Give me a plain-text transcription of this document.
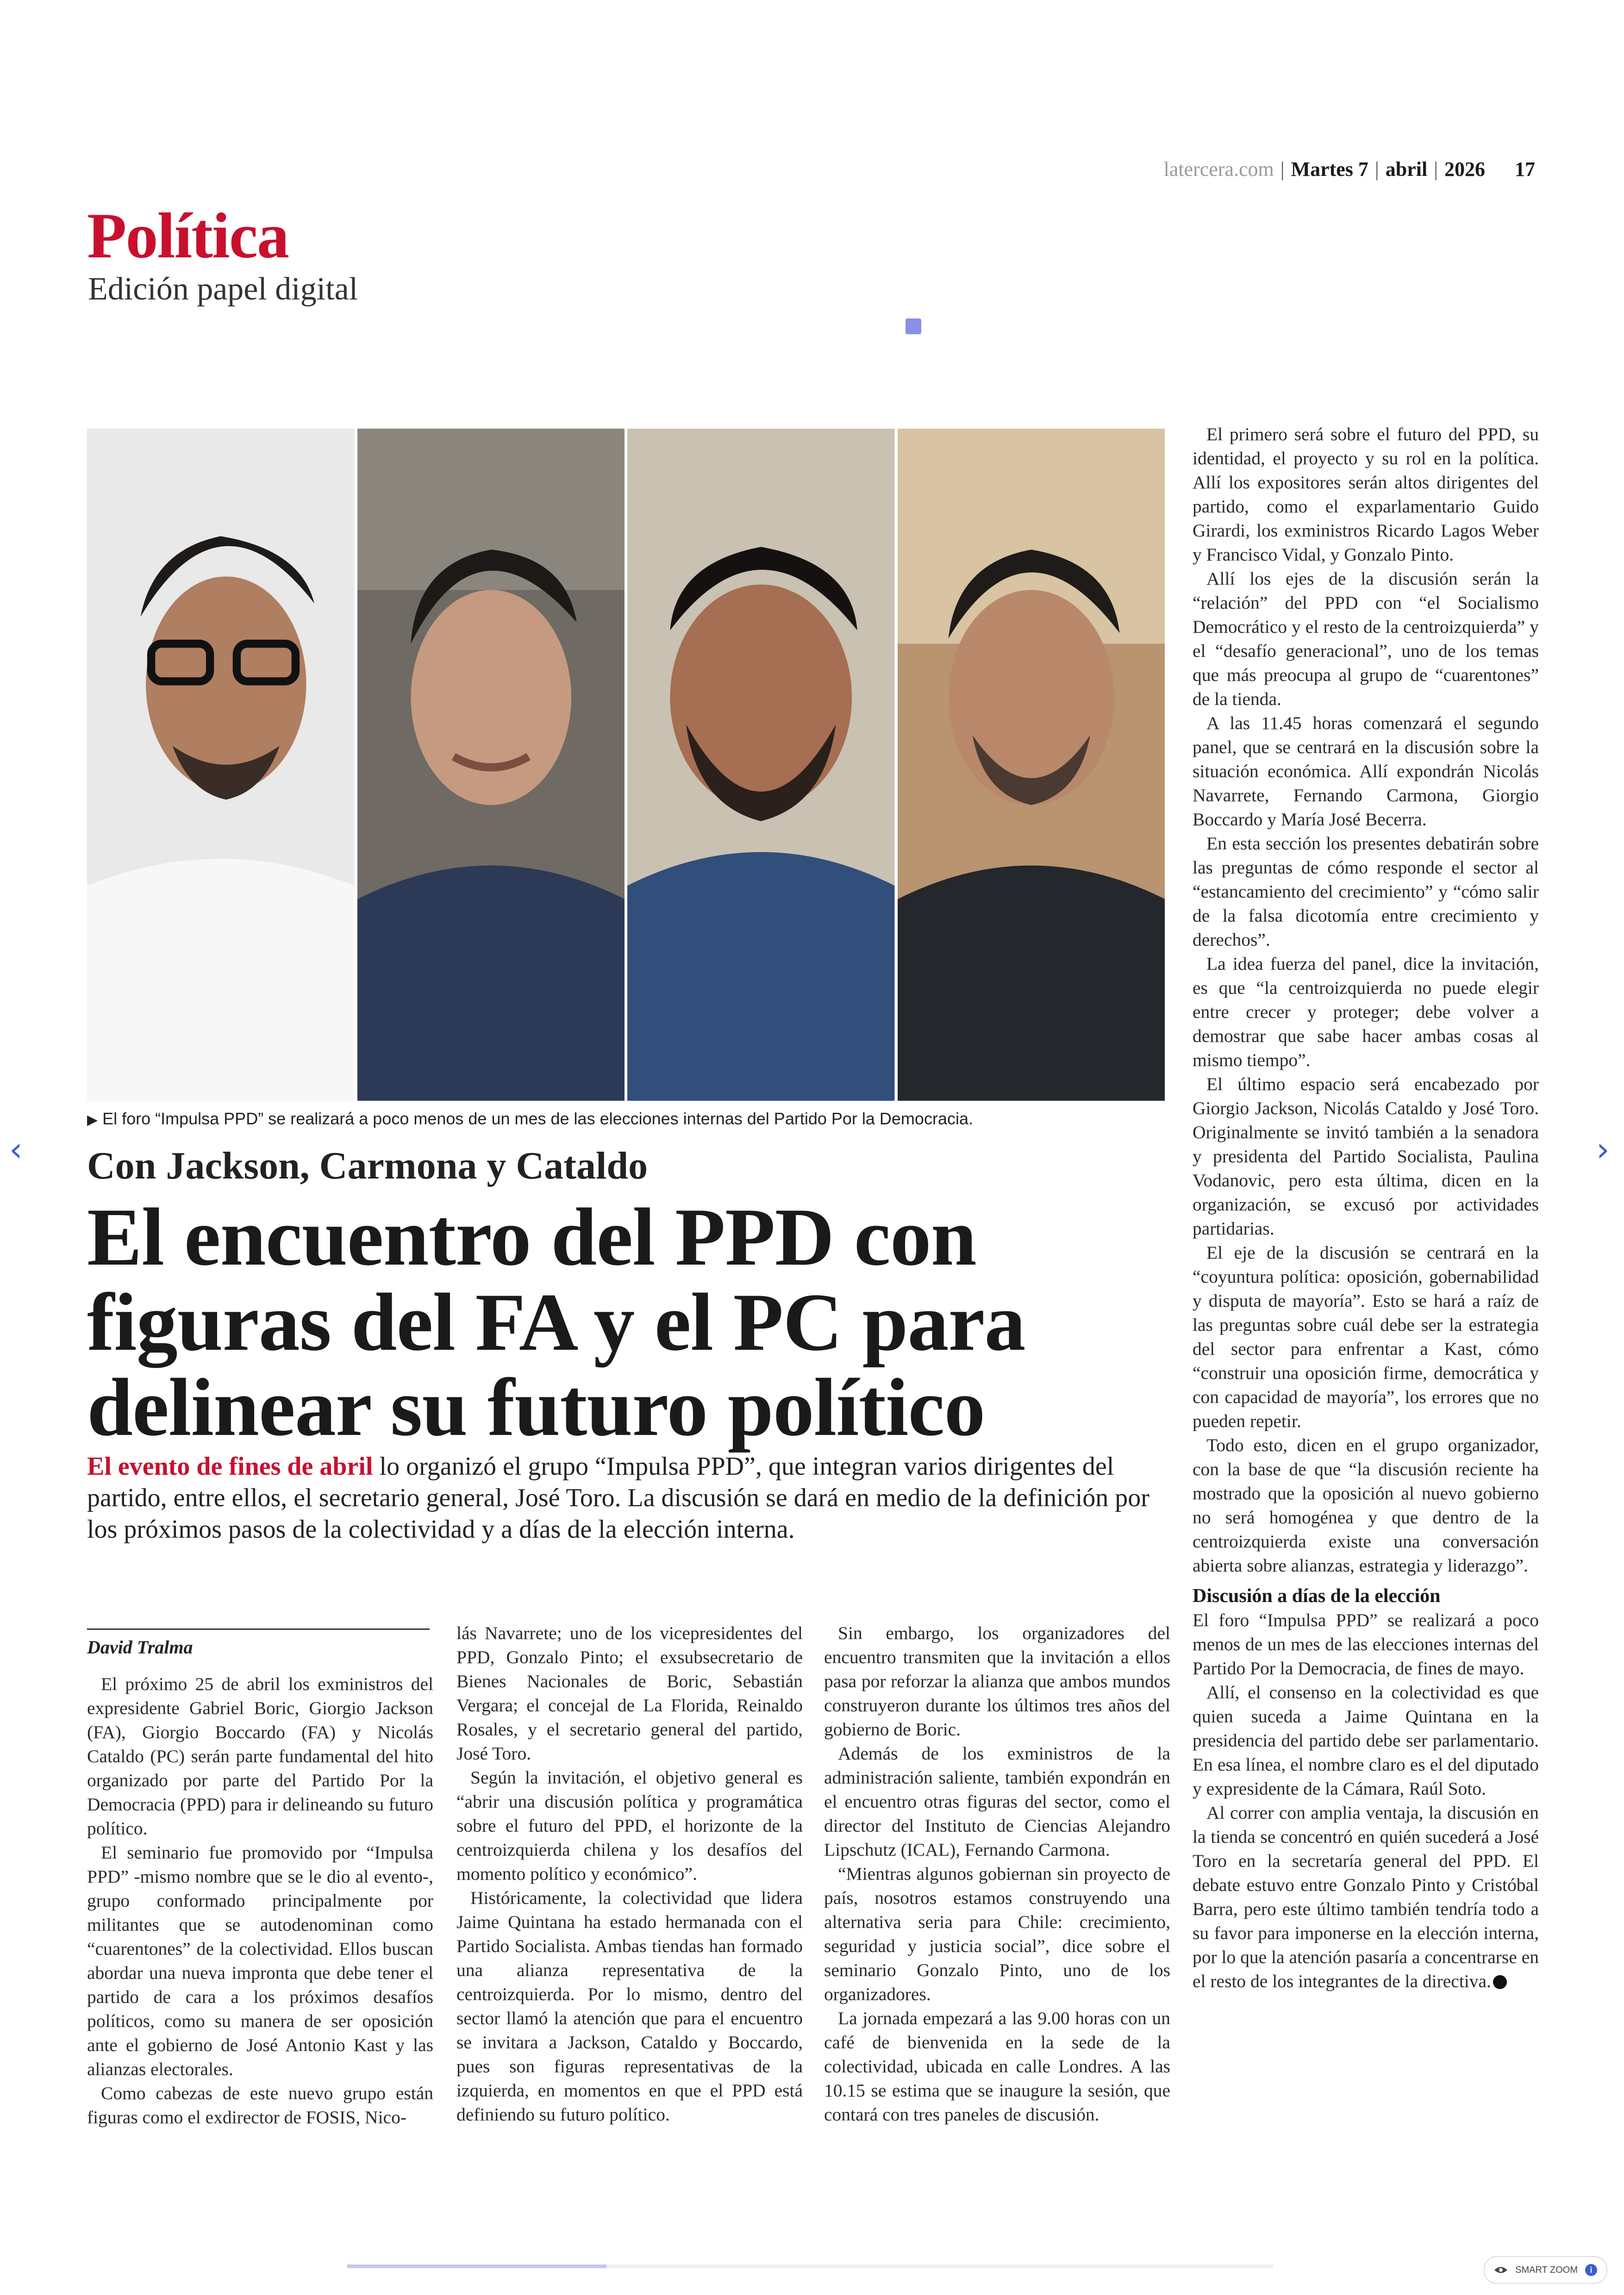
latercera.com | Martes 7 | abril | 2026 17
Política
Edición papel digital
▶ El foro “Impulsa PPD” se realizará a poco menos de un mes de las elecciones internas del Partido Por la Democracia.
Con Jackson, Carmona y Cataldo
El encuentro del PPD con figuras del FA y el PC para delinear su futuro político
El evento de fines de abril lo organizó el grupo “Impulsa PPD”, que integran varios dirigentes del partido, entre ellos, el secretario general, José Toro. La discusión se dará en medio de la definición por los próximos pasos de la colectividad y a días de la elección interna.
David Tralma

El próximo 25 de abril los exministros del expresidente Gabriel Boric, Giorgio Jackson (FA), Giorgio Boccardo (FA) y Nicolás Cataldo (PC) serán parte fundamental del hito organizado por parte del Partido Por la Democracia (PPD) para ir delineando su futuro político.

El seminario fue promovido por “Impulsa PPD” -mismo nombre que se le dio al evento-, grupo conformado principalmente por militantes que se autodenominan como “cuarentones” de la colectividad. Ellos buscan abordar una nueva impronta que debe tener el partido de cara a los próximos desafíos políticos, como su manera de ser oposición ante el gobierno de José Antonio Kast y las alianzas electorales.

Como cabezas de este nuevo grupo están figuras como el exdirector de FOSIS, Nico-

lás Navarrete; uno de los vicepresidentes del PPD, Gonzalo Pinto; el exsubsecretario de Bienes Nacionales de Boric, Sebastián Vergara; el concejal de La Florida, Reinaldo Rosales, y el secretario general del partido, José Toro.

Según la invitación, el objetivo general es “abrir una discusión política y programática sobre el futuro del PPD, el horizonte de la centroizquierda chilena y los desafíos del momento político y económico”.

Históricamente, la colectividad que lidera Jaime Quintana ha estado hermanada con el Partido Socialista. Ambas tiendas han formado una alianza representativa de la centroizquierda. Por lo mismo, dentro del sector llamó la atención que para el encuentro se invitara a Jackson, Cataldo y Boccardo, pues son figuras representativas de la izquierda, en momentos en que el PPD está definiendo su futuro político.

Sin embargo, los organizadores del encuentro transmiten que la invitación a ellos pasa por reforzar la alianza que ambos mundos construyeron durante los últimos tres años del gobierno de Boric.

Además de los exministros de la administración saliente, también expondrán en el encuentro otras figuras del sector, como el director del Instituto de Ciencias Alejandro Lipschutz (ICAL), Fernando Carmona.

“Mientras algunos gobiernan sin proyecto de país, nosotros estamos construyendo una alternativa seria para Chile: crecimiento, seguridad y justicia social”, dice sobre el seminario Gonzalo Pinto, uno de los organizadores.

La jornada empezará a las 9.00 horas con un café de bienvenida en la sede de la colectividad, ubicada en calle Londres. A las 10.15 se estima que se inaugure la sesión, que contará con tres paneles de discusión.

El primero será sobre el futuro del PPD, su identidad, el proyecto y su rol en la política. Allí los expositores serán altos dirigentes del partido, como el exparlamentario Guido Girardi, los exministros Ricardo Lagos Weber y Francisco Vidal, y Gonzalo Pinto.

Allí los ejes de la discusión serán la “relación” del PPD con “el Socialismo Democrático y el resto de la centroizquierda” y el “desafío generacional”, uno de los temas que más preocupa al grupo de “cuarentones” de la tienda.

A las 11.45 horas comenzará el segundo panel, que se centrará en la discusión sobre la situación económica. Allí expondrán Nicolás Navarrete, Fernando Carmona, Giorgio Boccardo y María José Becerra.

En esta sección los presentes debatirán sobre las preguntas de cómo responde el sector al “estancamiento del crecimiento” y “cómo salir de la falsa dicotomía entre crecimiento y derechos”.

La idea fuerza del panel, dice la invitación, es que “la centroizquierda no puede elegir entre crecer y proteger; debe volver a demostrar que sabe hacer ambas cosas al mismo tiempo”.

El último espacio será encabezado por Giorgio Jackson, Nicolás Cataldo y José Toro. Originalmente se invitó también a la senadora y presidenta del Partido Socialista, Paulina Vodanovic, pero esta última, dicen en la organización, se excusó por actividades partidarias.

El eje de la discusión se centrará en la “coyuntura política: oposición, gobernabilidad y disputa de mayoría”. Esto se hará a raíz de las preguntas sobre cuál debe ser la estrategia del sector para enfrentar a Kast, cómo “construir una oposición firme, democrática y con capacidad de mayoría”, los errores que no pueden repetir.

Todo esto, dicen en el grupo organizador, con la base de que “la discusión reciente ha mostrado que la oposición al nuevo gobierno no será homogénea y que dentro de la centroizquierda existe una conversación abierta sobre alianzas, estrategia y liderazgo”.

Discusión a días de la elección

El foro “Impulsa PPD” se realizará a poco menos de un mes de las elecciones internas del Partido Por la Democracia, de fines de mayo.

Allí, el consenso en la colectividad es que quien suceda a Jaime Quintana en la presidencia del partido debe ser parlamentario. En esa línea, el nombre claro es el del diputado y expresidente de la Cámara, Raúl Soto.

Al correr con amplia ventaja, la discusión en la tienda se concentró en quién sucederá a José Toro en la secretaría general del PPD. El debate estuvo entre Gonzalo Pinto y Cristóbal Barra, pero este último también tendría todo a su favor para imponerse en la elección interna, por lo que la atención pasaría a concentrarse en el resto de los integrantes de la directiva.

‹	›
SMART ZOOM	i
